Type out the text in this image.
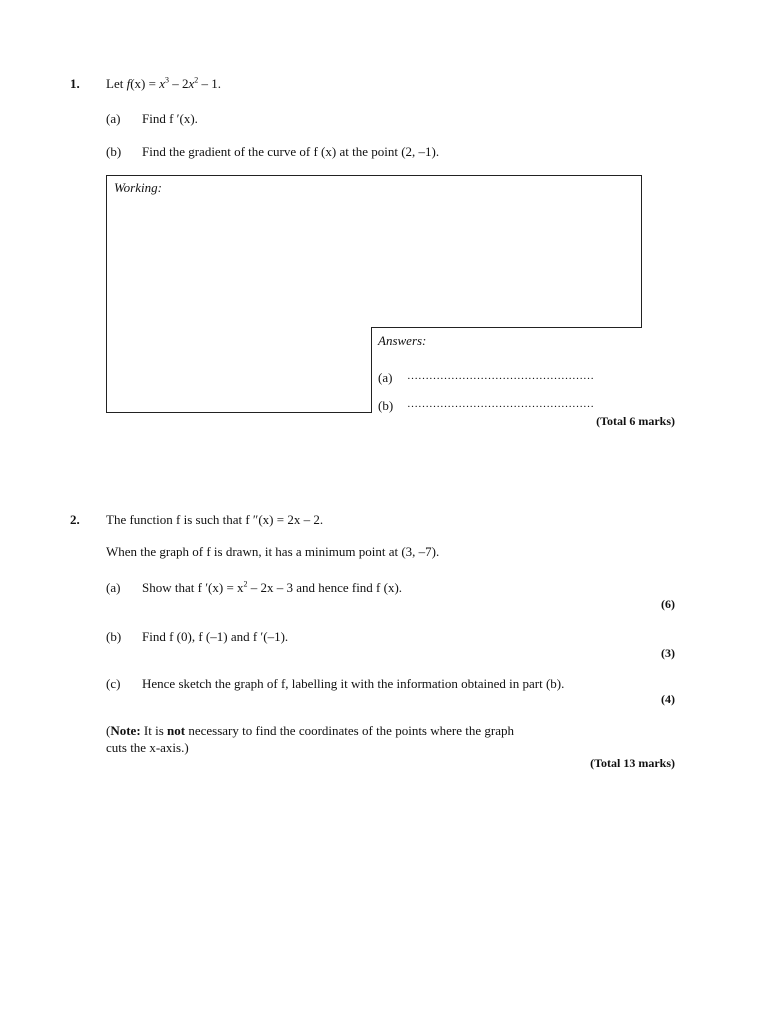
1. Let $f(x) = x^3 - 2x^2 - 1$.
(a) Find f ′(x).
(b) Find the gradient of the curve of f (x) at the point (2, –1).
Working:
Answers:
(a) ……………………………………………
(b) ……………………………………………
(Total 6 marks)
2. The function f is such that f ″(x) = 2x – 2.
When the graph of f is drawn, it has a minimum point at (3, –7).
(a) Show that f $'(x) = x^2 - 2x - 3$ and hence find f (x).
(6)
(b) Find f (0), f (–1) and f ′(–1).
(3)
(c) Hence sketch the graph of f, labelling it with the information obtained in part (b).
(4)
(Note: It is not necessary to find the coordinates of the points where the graph
cuts the x-axis.)
(Total 13 marks)
